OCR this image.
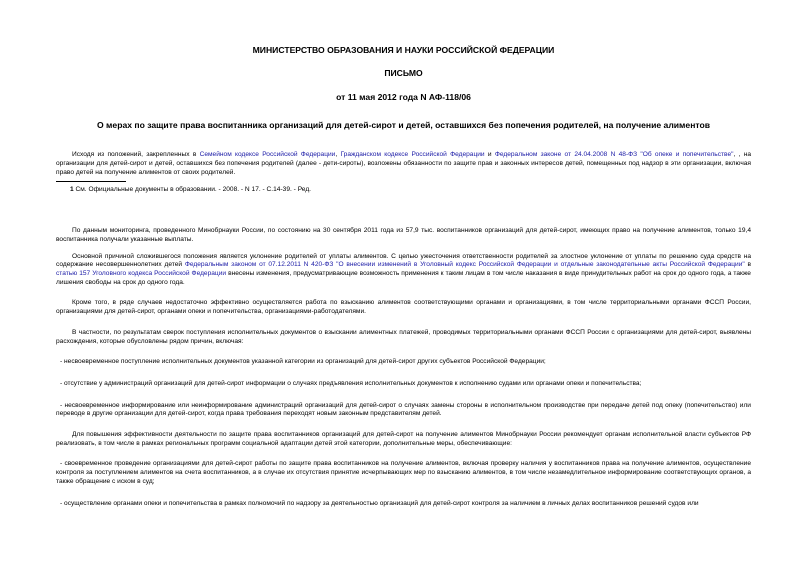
МИНИСТЕРСТВО ОБРАЗОВАНИЯ И НАУКИ РОССИЙСКОЙ ФЕДЕРАЦИИ
ПИСЬМО
от 11 мая 2012 года N АФ-118/06
О мерах по защите права воспитанника организаций для детей-сирот и детей, оставшихся без попечения родителей, на получение алиментов

Исходя из положений, закрепленных в Семейном кодексе Российской Федерации, Гражданском кодексе Российской Федерации и Федеральном законе от 24.04.2008 N 48-ФЗ "Об опеке и попечительстве", , на организации для детей-сирот и детей, оставшихся без попечения родителей (далее - дети-сироты), возложены обязанности по защите прав и законных интересов детей, помещенных под надзор в эти организации, включая право детей на получение алиментов от своих родителей.

1 См. Официальные документы в образовании. - 2008. - N 17. - С.14-39. - Ред.

По данным мониторинга, проведенного Минобрнауки России, по состоянию на 30 сентября 2011 года из 57,9 тыс. воспитанников организаций для детей-сирот, имеющих право на получение алиментов, только 19,4 воспитанника получали указанные выплаты.

Основной причиной сложившегося положения является уклонение родителей от уплаты алиментов. С целью ужесточения ответственности родителей за злостное уклонение от уплаты по решению суда средств на содержание несовершеннолетних детей Федеральным законом от 07.12.2011 N 420-ФЗ "О внесении изменений в Уголовный кодекс Российской Федерации и отдельные законодательные акты Российской Федерации" в статью 157 Уголовного кодекса Российской Федерации внесены изменения, предусматривающие возможность применения к таким лицам в том числе наказания в виде принудительных работ на срок до одного года, а также лишения свободы на срок до одного года.

Кроме того, в ряде случаев недостаточно эффективно осуществляется работа по взысканию алиментов соответствующими органами и организациями, в том числе территориальными органами ФССП России, организациями для детей-сирот, органами опеки и попечительства, организациями-работодателями.

В частности, по результатам сверок поступления исполнительных документов о взыскании алиментных платежей, проводимых территориальными органами ФССП России с организациями для детей-сирот, выявлены расхождения, которые обусловлены рядом причин, включая:

- несвоевременное поступление исполнительных документов указанной категории из организаций для детей-сирот других субъектов Российской Федерации;

- отсутствие у администраций организаций для детей-сирот информации о случаях предъявления исполнительных документов к исполнению судами или органами опеки и попечительства;

- несвоевременное информирование или неинформирование администраций организаций для детей-сирот о случаях замены стороны в исполнительном производстве при передаче детей под опеку (попечительство) или переводе в другие организации для детей-сирот, когда права требования переходят новым законным представителям детей.

Для повышения эффективности деятельности по защите права воспитанников организаций для детей-сирот на получение алиментов Минобрнауки России рекомендует органам исполнительной власти субъектов РФ реализовать, в том числе в рамках региональных программ социальной адаптации детей этой категории, дополнительные меры, обеспечивающие:

- своевременное проведение организациями для детей-сирот работы по защите права воспитанников на получение алиментов, включая проверку наличия у воспитанников права на получение алиментов, осуществление контроля за поступлением алиментов на счета воспитанников, а в случае их отсутствия принятие исчерпывающих мер по взысканию алиментов, в том числе незамедлительное информирование соответствующих органов, а также обращение с иском в суд;

- осуществление органами опеки и попечительства в рамках полномочий по надзору за деятельностью организаций для детей-сирот контроля за наличием в личных делах воспитанников решений судов или
